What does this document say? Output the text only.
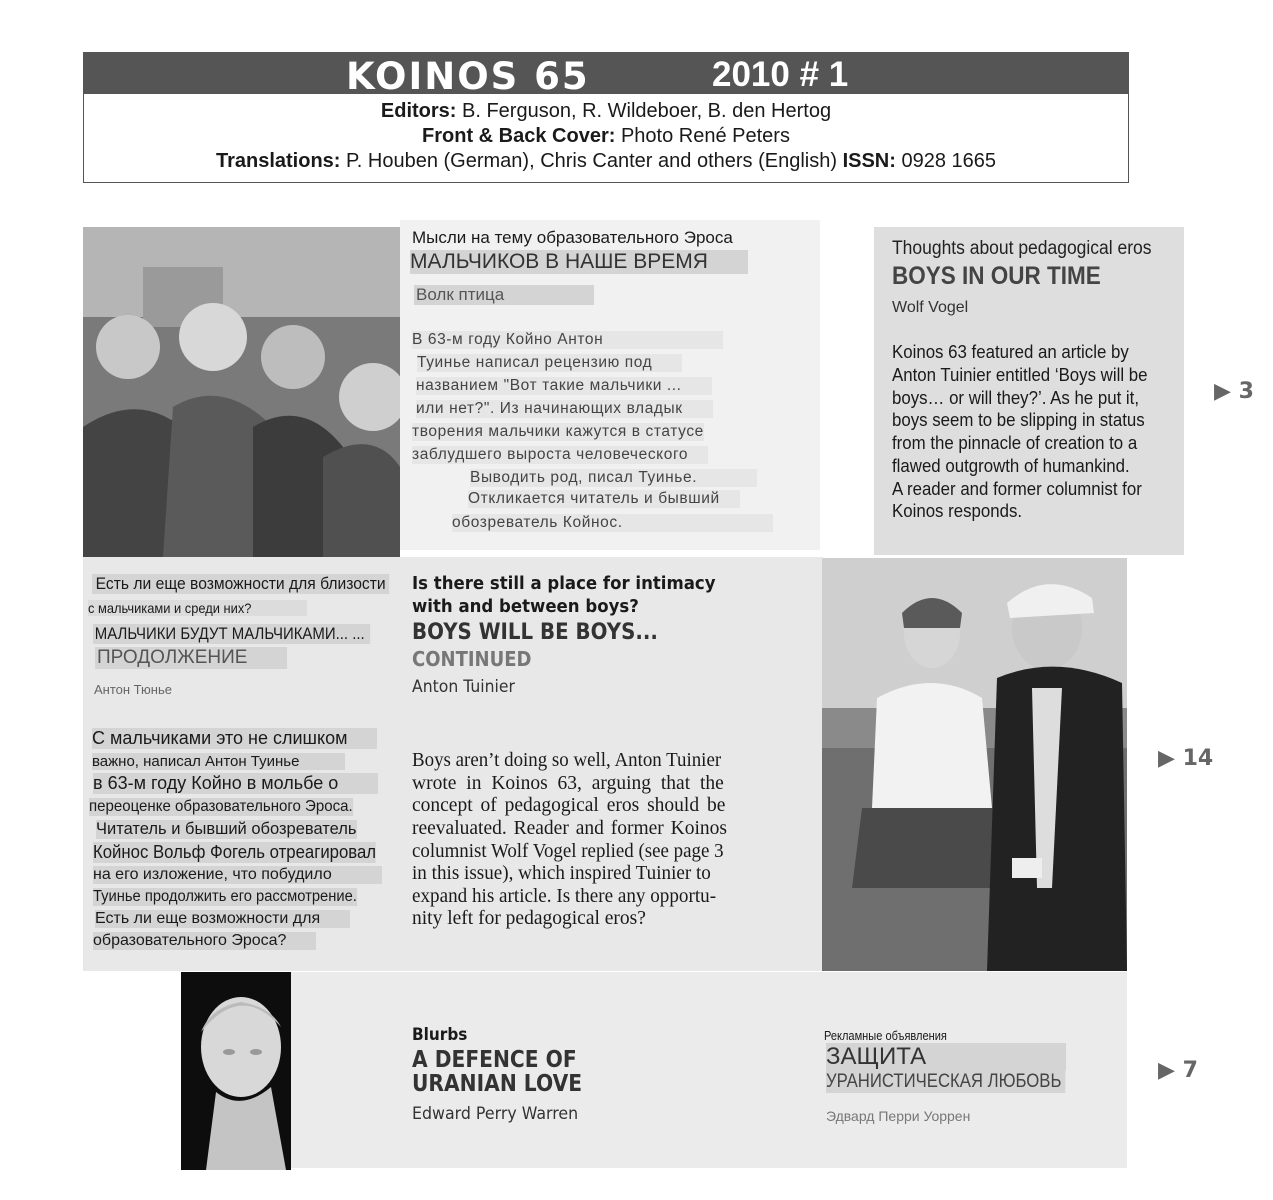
KOINOS 65	2010 # 1
Editors: B. Ferguson, R. Wildeboer, B. den Hertog
Front & Back Cover: Photo René Peters
Translations: P. Houben (German), Chris Canter and others (English) ISSN: 0928 1665
Мысли на тему образовательного Эроса
МАЛЬЧИКОВ В НАШЕ ВРЕМЯ
Волк птица
В 63-м году Койно Антон
Туинье написал рецензию под
названием "Вот такие мальчики ...
или нет?". Из начинающих владык
творения мальчики кажутся в статусе
заблудшего выроста человеческого
Выводить род, писал Туинье.
Откликается читатель и бывший
обозреватель Койнос.
Thoughts about pedagogical eros
BOYS IN OUR TIME
Wolf Vogel
Koinos 63 featured an article by
Anton Tuinier entitled ‘Boys will be
boys… or will they?’. As he put it,
boys seem to be slipping in status
from the pinnacle of creation to a
flawed outgrowth of humankind.
A reader and former columnist for
Koinos responds.
▶ 3
Есть ли еще возможности для близости
с мальчиками и среди них?
МАЛЬЧИКИ БУДУТ МАЛЬЧИКАМИ... ...
ПРОДОЛЖЕНИЕ
Антон Тюнье
С мальчиками это не слишком
важно, написал Антон Туинье
в 63-м году Койно в мольбе о
переоценке образовательного Эроса.
Читатель и бывший обозреватель
Койнос Вольф Фогель отреагировал
на его изложение, что побудило
Туинье продолжить его рассмотрение.
Есть ли еще возможности для
образовательного Эроса?
Is there still a place for intimacy
with and between boys?
BOYS WILL BE BOYS...
CONTINUED
Anton Tuinier
Boys aren’t doing so well, Anton Tuinier
wrote in Koinos 63, arguing that the
concept of pedagogical eros should be
reevaluated. Reader and former Koinos
columnist Wolf Vogel replied (see page 3
in this issue), which inspired Tuinier to
expand his article. Is there any opportu-
nity left for pedagogical eros?
▶ 14
Blurbs
A DEFENCE OF
URANIAN LOVE
Edward Perry Warren
Рекламные объявления
ЗАЩИТА
УРАНИСТИЧЕСКАЯ ЛЮБОВЬ
Эдвард Перри Уоррен
▶ 7
